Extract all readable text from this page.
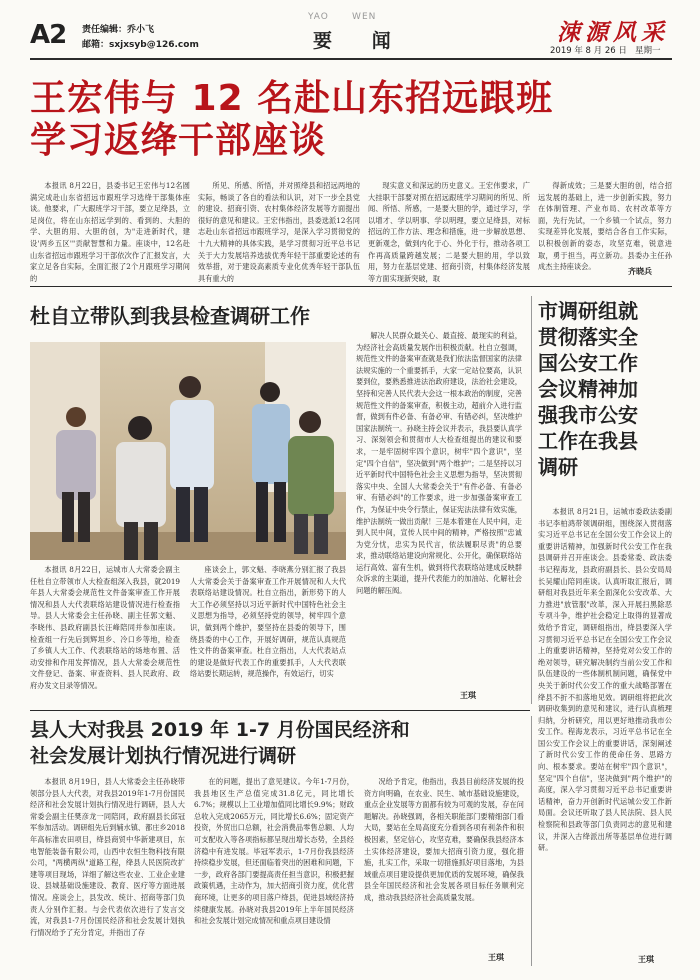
A2 责任编辑：乔小飞
邮箱：sxjxsyb@126.com
YAO      WEN
要      闻	涑源风采
2019 年 8 月 26 日   星期一
王宏伟与 12 名赴山东招远跟班
学习返绛干部座谈

本报讯 8月22日，县委书记王宏伟与12名圆满完成赴山东省招远市跟班学习选绛干部集体座谈。他要求，广大跟班学习干部，要立足绛县，立足岗位，将在山东招远学到的、看到的、大胆的学、大胆的用、大胆的创，为"走进新时代，建设'两乡五区'"贡献智慧和力量。座谈中，12名赴山东省招远市跟班学习干部依次作了汇报发言，大家立足各自实际，全面汇报了2个月跟班学习期间的

所见、所感、所悟，并对照绛县和招远两地的实际，畅谈了各自的看法和认识，对下一步全县党的建设、招商引资、农村集体经济发展等方面提出很好的意见和建议。王宏伟指出，县委选派12名同志赴山东省招远市跟班学习，是深入学习贯彻党的十九大精神的具体实践，是学习贯彻习近平总书记关于大力发展培养选拔优秀年轻干部重要论述的有效举措，对于建设高素质专业化优秀年轻干部队伍具有重大的

现实意义和深远的历史意义。王宏伟要求，广大挂职干部要对照在招远跟班学习期间的所见、所闻、所悟、所感，一是要大胆的学，通过学习，学以增才、学以明事、学以明理，要立足绛县，对标招远的工作方法、理念和措施，进一步解放思想、更新观念，做到内化于心、外化于行，推动各项工作再高质量跨越发展；二是要大胆的用，学以致用，努力在基层党建、招商引资，村集体经济发展等方面实现新突破，取

得新成效；三是要大胆的创，结合招远发展的基础上，进一步创新实践，努力在体制管理、产业布局、农村改革等方面，先行先试，一个乡镇一个试点，努力实现差异化发展，要结合各自工作实际，以积极创新的姿态，攻坚克难，锐意进取，勇于担当，再立新功。县委办主任孙成杰主持座谈会。

齐晓兵
杜自立带队到我县检查调研工作

本报讯 8月22日，运城市人大常委会副主任杜自立带领市人大检查组深入我县，就2019年县人大常委会规范性文件备案审查工作开展情况和县人大代表联络站建设情况进行检查指导。县人大常委会主任孙晓、副主任郭文魁、李晓伟、县政府副县长汪峰陪同并参加座谈。检查组一行先后到辉坦乡、冷口乡等地，检查了乡镇人大工作、代表联络站的场地布置、活动安排和作用发挥情况，县人大常委会规范性文件登记、备案、审查资料、县人民政府、政府办发文目录等情况。

座谈会上，郭文魁、李晓燕分别汇报了我县人大常委会关于备案审查工作开展情况和人大代表联络站建设情况。杜自立指出，新形势下的人大工作必须坚持以习近平新时代中国特色社会主义思想为指导，必须坚持党的领导，树牢四个意识，做到两个维护，要坚持在县委的领导下，围绕县委的中心工作，开展好调研，规范认真规范性文件的备案审查。杜自立指出，人大代表站点的建设是做好代表工作的重要抓手，人大代表联络站要长期运转，规范操作，有效运行，切实

解决人民群众最关心、最直接、最现实的利益，为经济社会高质量发展作出积极贡献。杜自立强调，规范性文件的备案审查就是我们依法监督国家的法律法规实施的一个重要抓手，大家一定站位要高，认识要到位，要熟悉推进法治政府建设，法治社会建设，坚持和完善人民代表大会这一根本政治的制度，完善规范性文件的备案审查，积极主动，超前介入进行监督，做到有件必备、有备必审、有错必纠，坚决维护国家法制统一。孙晓主持会议并表示，我县要认真学习、深刻领会和贯彻市人大检查组提出的建议和要求，一是牢固树牢四个意识，树牢"四个意识"，坚定"四个自信"，坚决做到"两个维护"；二是坚持以习近平新时代中国特色社会主义思想为指导，坚决贯彻落实中央、全国人大常委会关于"有件必备、有备必审、有错必纠"的工作要求，进一步加强备案审查工作，为保证中央令行禁止，保证宪法法律有效实施，维护法制统一做出贡献！三是本着建在人民中间，走到人民中间，宣传人民中间的精神，严格按照"忠诚为党分忧，忠实为民代言，依法履职尽责"的总要求，推动联络站建设向常规化、公开化，确保联络站运行高效、富有生机，做到将代表联络站建成反映群众诉求的主渠道，提升代表能力的加油站、化解社会问题的解压阀。

王琪
市调研组就
贯彻落实全
国公安工作
会议精神加
强我市公安
工作在我县
调研

本报讯 8月21日，运城市委政法委副书记李柏鸿带领调研组，围绕深入贯彻落实习近平总书记在全国公安工作会议上的重要讲话精神，加强新时代公安工作在我县调研并召开座谈会。县委常委、政法委书记程海龙，县政府副县长、县公安局局长吴耀山陪同座谈。认真听取汇报后，调研组对我县近年来全面深化公安改革、大力推进"放管服"改革，深入开展扫黑除恶专项斗争，维护社会稳定上取得的显著成效给予肯定，调研组指出，绛县要深入学习贯彻习近平总书记在全国公安工作会议上的重要讲话精神，坚持党对公安工作的绝对领导，研究解决制约当前公安工作和队伍建设的一些体制机制问题，确保党中央关于新时代公安工作的重大战略部署在绛县不折不扣落地见效。调研组将把此次调研收集到的意见和建议，进行认真梳理归纳，分析研究，用以更好地推动我市公安工作。程海龙表示，习近平总书记在全国公安工作会议上的重要讲话，深刻阐述了新时代公安工作的使命任务、思路方向、根本要求。要站在树牢"四个意识"，坚定"四个自信"，坚决做到"两个维护"的高度，深入学习贯彻习近平总书记重要讲话精神，奋力开创新时代运城公安工作新局面。会议还听取了县人民法院、县人民检察院和县政等部门负责同志的意见和建议，并深入古绛派出所等基层单位进行调研。

王琪
县人大对我县 2019 年 1-7 月份国民经济和
社会发展计划执行情况进行调研

本报讯 8月19日，县人大常委会主任孙晓带领部分县人大代表，对我县2019年1-7月份国民经济和社会发展计划执行情况进行调研，县人大常委会副主任樊彦龙一同陪同，政府副县长邱冠军参加活动。调研组先后到辅水镇、都庄乡2018年高标准农田项目，绛县商贸中华新建项目，东电智能装备有限公司，山西中农恒生物科技有限公司，"两横两纵"道路工程，绛县人民医院改扩建等项目现场，详细了解这些农业、工业企业建设、县城基础设施建设、教育、医疗等方面进展情况。座谈会上，县发改、统计、招商等部门负责人分别作汇报。与会代表依次进行了发言交流，对我县1-7月份国民经济和社会发展计划执行情况给予了充分肯定，并指出了存

在的问题，提出了意见建议。今年1-7月份，我县地区生产总值完成31.8亿元，同比增长6.7%；规模以上工业增加值同比增长9.9%；财政总收入完成2065万元，同比增长6.6%；固定资产投资，外贸出口总额，社会消费品零售总额、人均可支配收入等各项指标都呈现出增长态势，全县经济稳中有进发展。毕冠军表示，1-7月份我县经济持续稳步发展，但还面临着突出的困难和问题，下一步，政府各部门要提高责任担当意识，积极把握政策机遇，主动作为，加大招商引资力度，优化营商环境，让更多的项目落户绛县，促进县域经济持续健康发展。孙晓对我县2019年上半年国民经济和社会发展计划完成情况和重点项目建设情

况给予肯定，他指出，我县目前经济发展的投资方向明确，在农业、民生、城市基础设施建设，重点企业发展等方面都有较为可观的发展，存在问题解决。孙晓强调，各相关职能部门要精细部门看大局，要站在全局高度充分看到各项有利条件和积极因素，坚定信心，攻坚克难，要确保我县经济本土实体经济建设，要加大招商引资力度，强化措施，扎实工作，采取一切措施抓好项目落地，为县域重点项目建设提供更加优质的发展环境，确保我县全年国民经济和社会发展各项目标任务顺利完成，推动我县经济社会高质量发展。

王琪
